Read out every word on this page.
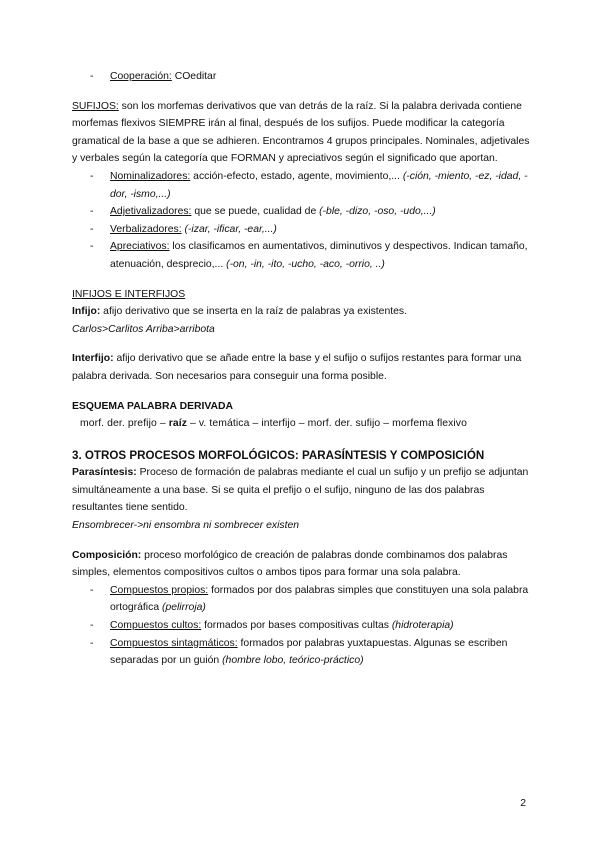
- Cooperación: COeditar
SUFIJOS: son los morfemas derivativos que van detrás de la raíz. Si la palabra derivada contiene morfemas flexivos SIEMPRE irán al final, después de los sufijos. Puede modificar la categoría gramatical de la base a que se adhieren. Encontramos 4 grupos principales. Nominales, adjetivales y verbales según la categoría que FORMAN y apreciativos según el significado que aportan.
- Nominalizadores: acción-efecto, estado, agente, movimiento,... (-ción, -miento, -ez, -idad, -dor, -ismo,...)
- Adjetivalizadores: que se puede, cualidad de (-ble, -dizo, -oso, -udo,...)
- Verbalizadores: (-izar, -ificar, -ear,...)
- Apreciativos: los clasificamos en aumentativos, diminutivos y despectivos. Indican tamaño, atenuación, desprecio,... (-on, -in, -ito, -ucho, -aco, -orrio, ..)
INFIJOS E INTERFIJOS
Infijo: afijo derivativo que se inserta en la raíz de palabras ya existentes.
Carlos>Carlitos Arriba>arribota
Interfijo: afijo derivativo que se añade entre la base y el sufijo o sufijos restantes para formar una palabra derivada. Son necesarios para conseguir una forma posible.
ESQUEMA PALABRA DERIVADA
morf. der. prefijo – raíz – v. temática – interfijo – morf. der. sufijo – morfema flexivo
3. OTROS PROCESOS MORFOLÓGICOS: PARASÍNTESIS Y COMPOSICIÓN
Parasíntesis: Proceso de formación de palabras mediante el cual un sufijo y un prefijo se adjuntan simultáneamente a una base. Si se quita el prefijo o el sufijo, ninguno de las dos palabras resultantes tiene sentido.
Ensombrecer->ni ensombra ni sombrecer existen
Composición: proceso morfológico de creación de palabras donde combinamos dos palabras simples, elementos compositivos cultos o ambos tipos para formar una sola palabra.
- Compuestos propios: formados por dos palabras simples que constituyen una sola palabra ortográfica (pelirroja)
- Compuestos cultos: formados por bases compositivas cultas (hidroterapia)
- Compuestos sintagmáticos: formados por palabras yuxtapuestas. Algunas se escriben separadas por un guión (hombre lobo, teórico-práctico)
2
